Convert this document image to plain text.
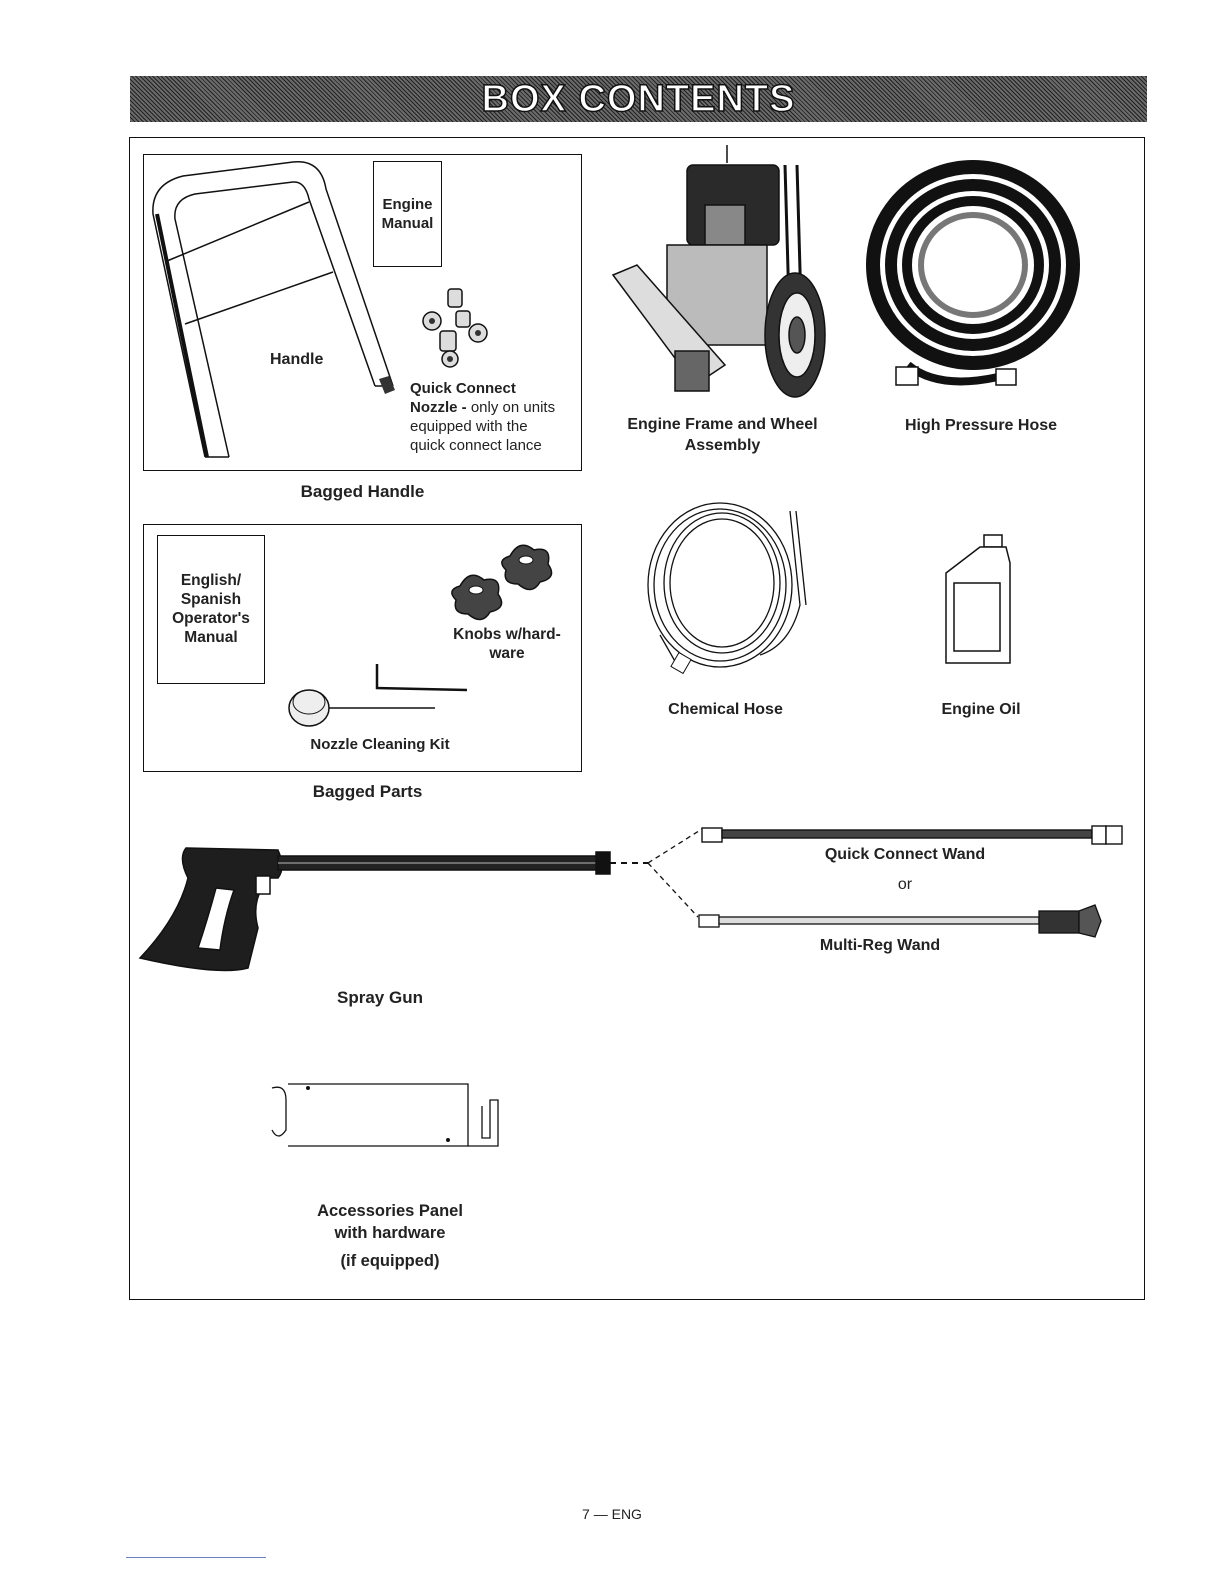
BOX CONTENTS
Engine
Manual
Handle
Quick Connect
Nozzle - only on units
equipped with the
quick connect lance
Bagged Handle
English/
Spanish
Operator's
Manual	Knobs w/hard-
ware
Nozzle Cleaning Kit
Bagged Parts
Engine Frame and Wheel
Assembly
High Pressure Hose
Chemical Hose	Engine Oil
Spray Gun
Quick Connect Wand
or
Multi-Reg Wand
Accessories Panel
with hardware
(if equipped)
7 — ENG
